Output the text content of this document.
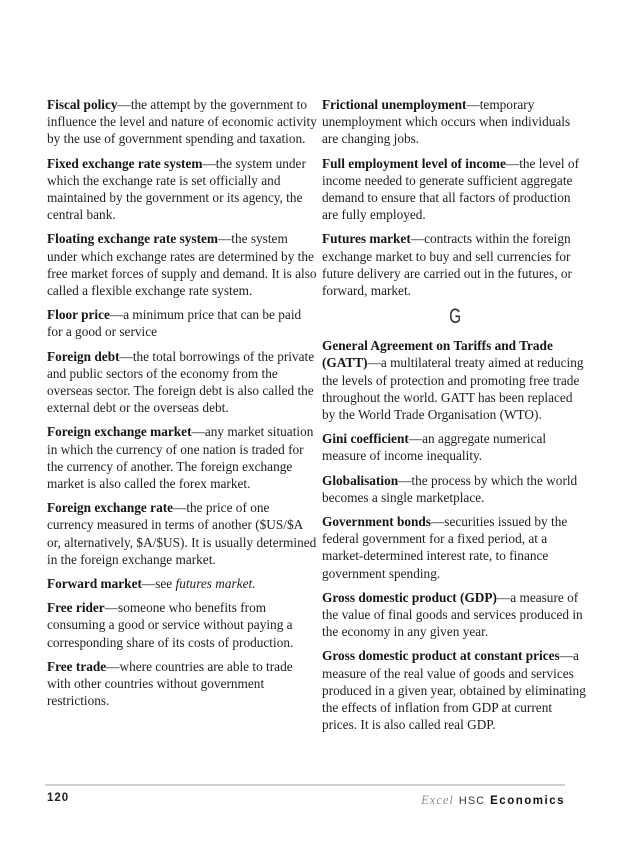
Fiscal policy—the attempt by the government to influence the level and nature of economic activity by the use of government spending and taxation.

Fixed exchange rate system—the system under which the exchange rate is set officially and maintained by the government or its agency, the central bank.

Floating exchange rate system—the system under which exchange rates are determined by the free market forces of supply and demand. It is also called a flexible exchange rate system.

Floor price—a minimum price that can be paid for a good or service

Foreign debt—the total borrowings of the private and public sectors of the economy from the overseas sector. The foreign debt is also called the external debt or the overseas debt.

Foreign exchange market—any market situation in which the currency of one nation is traded for the currency of another. The foreign exchange market is also called the forex market.

Foreign exchange rate—the price of one currency measured in terms of another ($US/$A or, alternatively, $A/$US). It is usually determined in the foreign exchange market.

Forward market—see futures market.

Free rider—someone who benefits from consuming a good or service without paying a corresponding share of its costs of production.

Free trade—where countries are able to trade with other countries without government restrictions.

Frictional unemployment—temporary unemployment which occurs when individuals are changing jobs.

Full employment level of income—the level of income needed to generate sufficient aggregate demand to ensure that all factors of production are fully employed.

Futures market—contracts within the foreign exchange market to buy and sell currencies for future delivery are carried out in the futures, or forward, market.

G

General Agreement on Tariffs and Trade (GATT)—a multilateral treaty aimed at reducing the levels of protection and promoting free trade throughout the world. GATT has been replaced by the World Trade Organisation (WTO).

Gini coefficient—an aggregate numerical measure of income inequality.

Globalisation—the process by which the world becomes a single marketplace.

Government bonds—securities issued by the federal government for a fixed period, at a market-determined interest rate, to finance government spending.

Gross domestic product (GDP)—a measure of the value of final goods and services produced in the economy in any given year.

Gross domestic product at constant prices—a measure of the real value of goods and services produced in a given year, obtained by eliminating the effects of inflation from GDP at current prices. It is also called real GDP.

120	Excel HSC Economics
